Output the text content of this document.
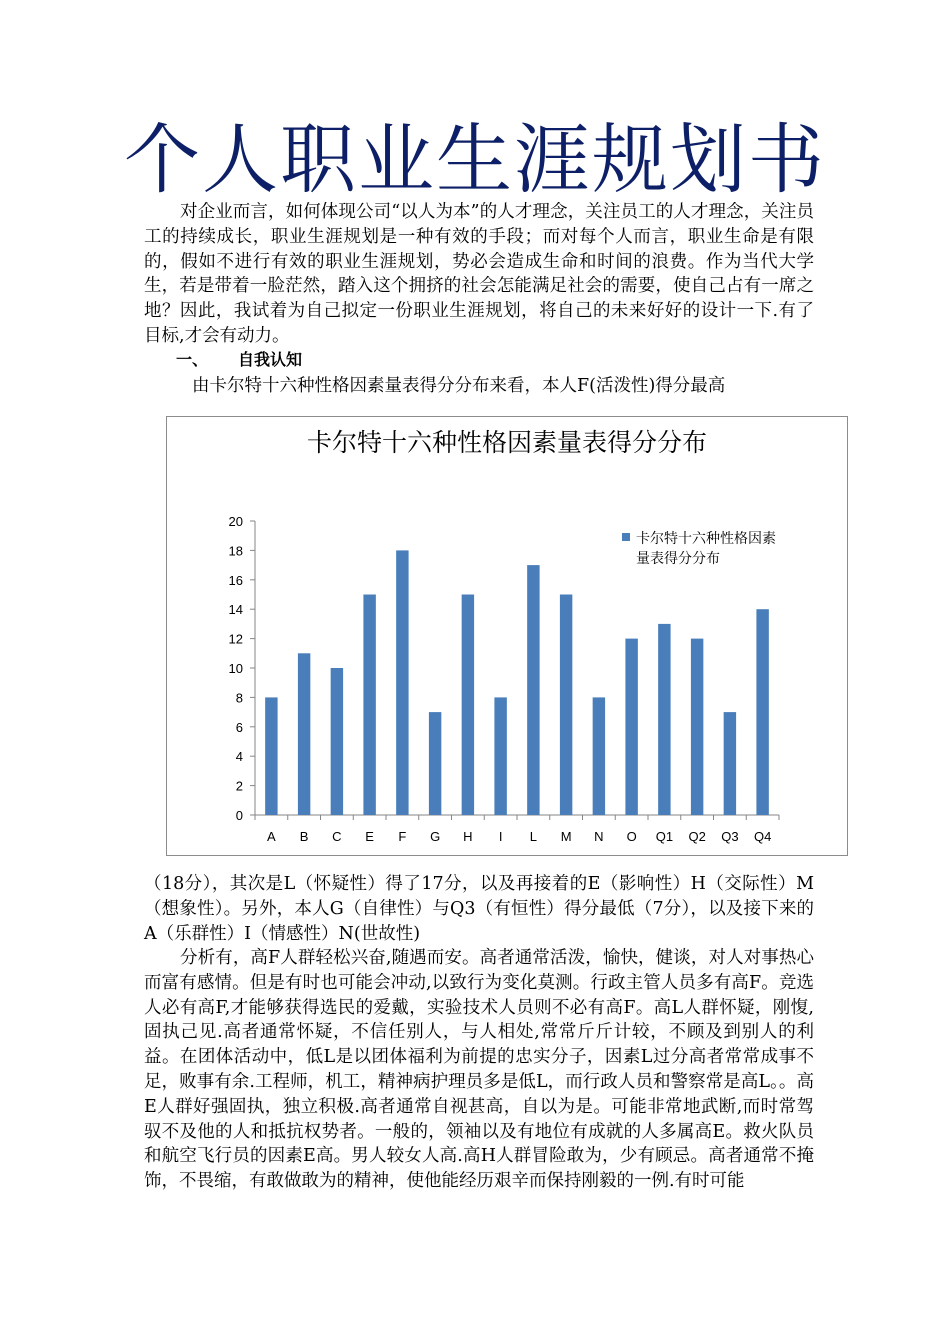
个人职业生涯规划书

对企业而言，如何体现公司“以人为本”的人才理念，关注员工的人才理念，关注员工的持续成长，职业生涯规划是一种有效的手段；而对每个人而言，职业生命是有限的，假如不进行有效的职业生涯规划，势必会造成生命和时间的浪费。作为当代大学生，若是带着一脸茫然，踏入这个拥挤的社会怎能满足社会的需要，使自己占有一席之地？因此，我试着为自己拟定一份职业生涯规划，将自己的未来好好的设计一下.有了目标,才会有动力。

一、 自我认知

由卡尔特十六种性格因素量表得分分布来看，本人F(活泼性)得分最高

卡尔特十六种性格因素量表得分分布
0
2
4
6
8
10
12
14
16
18
20
A B C E F G H I L M N O Q1 Q2 Q3 Q4
卡尔特十六种性格因素量表得分分布

（18分），其次是L（怀疑性）得了17分，以及再接着的E（影响性）H（交际性）M（想象性）。另外，本人G（自律性）与Q3（有恒性）得分最低（7分），以及接下来的A（乐群性）I（情感性）N(世故性)

分析有，高F人群轻松兴奋,随遇而安。高者通常活泼，愉快，健谈，对人对事热心而富有感情。但是有时也可能会冲动,以致行为变化莫测。行政主管人员多有高F。竞选人必有高F,才能够获得选民的爱戴，实验技术人员则不必有高F。高L人群怀疑，刚愎,固执己见.高者通常怀疑，不信任别人，与人相处,常常斤斤计较，不顾及到别人的利益。在团体活动中，低L是以团体福利为前提的忠实分子，因素L过分高者常常成事不足，败事有余.工程师，机工，精神病护理员多是低L，而行政人员和警察常是高L。。高E人群好强固执，独立积极.高者通常自视甚高，自以为是。可能非常地武断,而时常驾驭不及他的人和抵抗权势者。一般的，领袖以及有地位有成就的人多属高E。救火队员和航空飞行员的因素E高。男人较女人高.高H人群冒险敢为，少有顾忌。高者通常不掩饰，不畏缩，有敢做敢为的精神，使他能经历艰辛而保持刚毅的一例.有时可能
